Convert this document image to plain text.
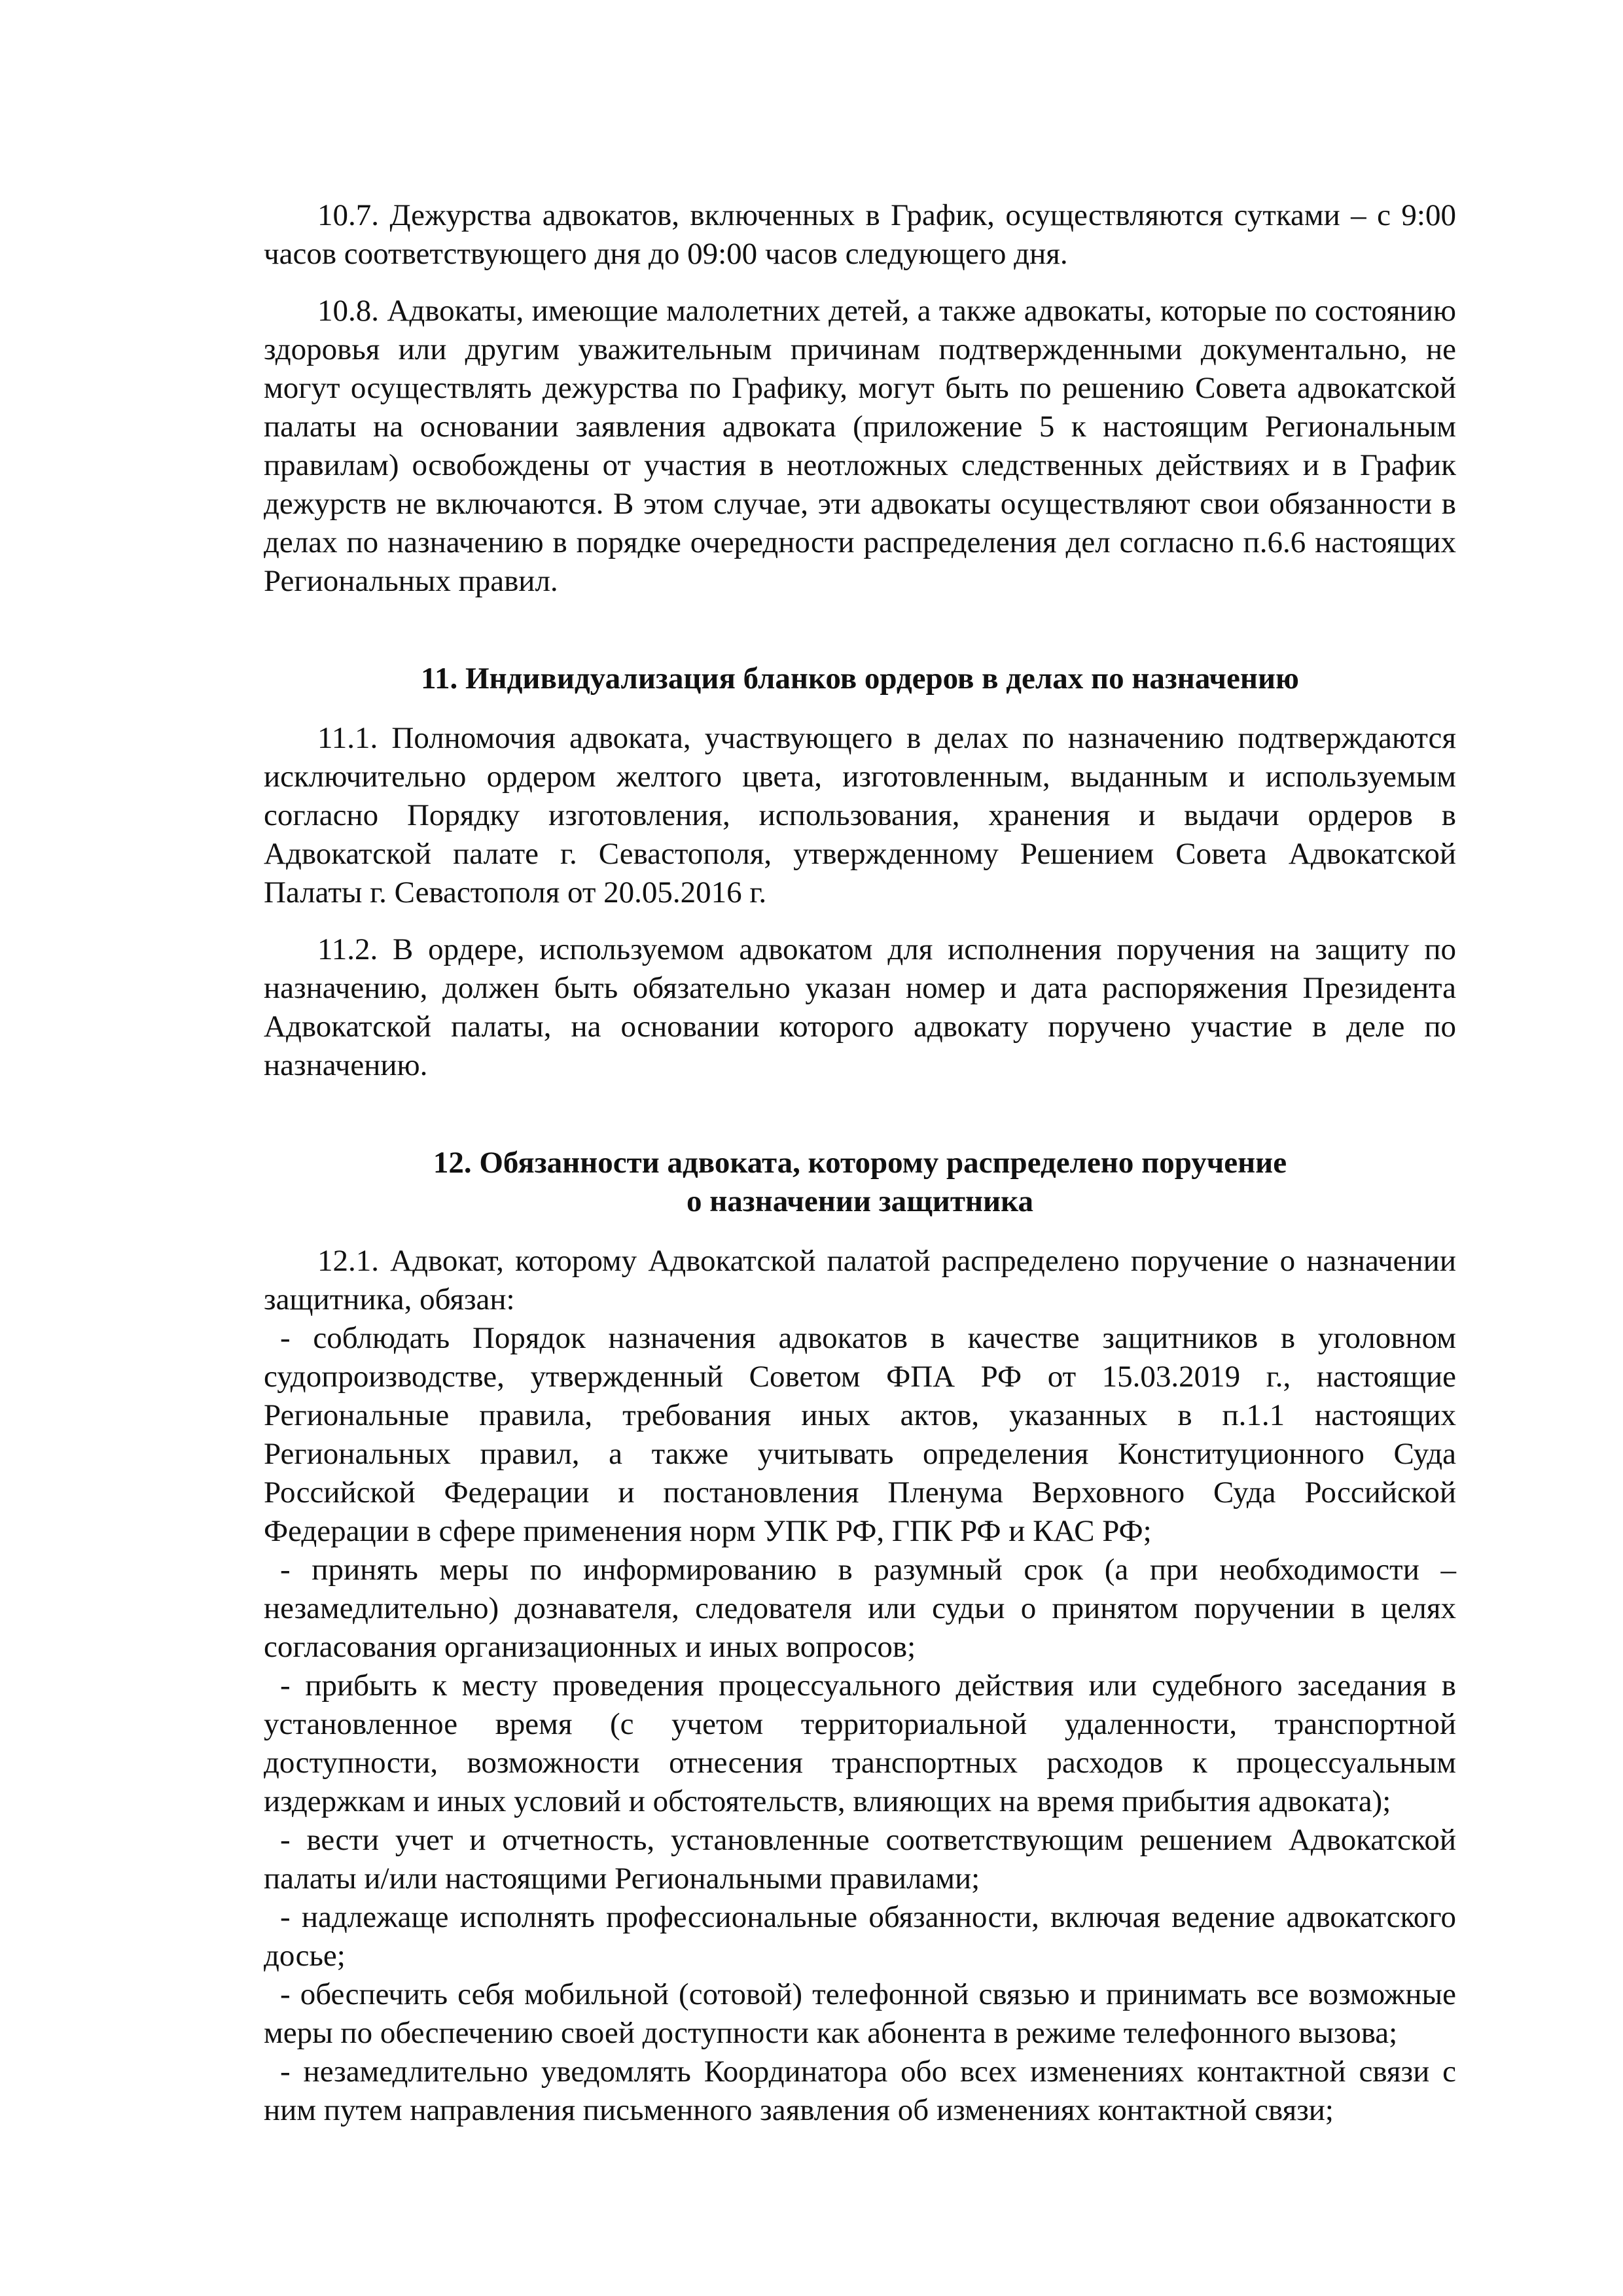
10.7. Дежурства адвокатов, включенных в График, осуществляются сутками – с 9:00 часов соответствующего дня до 09:00 часов следующего дня.

10.8. Адвокаты, имеющие малолетних детей, а также адвокаты, которые по состоянию здоровья или другим уважительным причинам подтвержденными документально, не могут осуществлять дежурства по Графику, могут быть по решению Совета адвокатской палаты на основании заявления адвоката (приложение 5 к настоящим Региональным правилам) освобождены от участия в неотложных следственных действиях и в График дежурств не включаются. В этом случае, эти адвокаты осуществляют свои обязанности в делах по назначению в порядке очередности распределения дел согласно п.6.6 настоящих Региональных правил.

11. Индивидуализация бланков ордеров в делах по назначению

11.1. Полномочия адвоката, участвующего в делах по назначению подтверждаются исключительно ордером желтого цвета, изготовленным, выданным и используемым согласно Порядку изготовления, использования, хранения и выдачи ордеров в Адвокатской палате г. Севастополя, утвержденному Решением Совета Адвокатской Палаты г. Севастополя от 20.05.2016 г.

11.2. В ордере, используемом адвокатом для исполнения поручения на защиту по назначению, должен быть обязательно указан номер и дата распоряжения Президента Адвокатской палаты, на основании которого адвокату поручено участие в деле по назначению.

12. Обязанности адвоката, которому распределено поручение
о назначении защитника

12.1. Адвокат, которому Адвокатской палатой распределено поручение о назначении защитника, обязан:

- соблюдать Порядок назначения адвокатов в качестве защитников в уголовном судопроизводстве, утвержденный Советом ФПА РФ от 15.03.2019 г., настоящие Региональные правила, требования иных актов, указанных в п.1.1 настоящих Региональных правил, а также учитывать определения Конституционного Суда Российской Федерации и постановления Пленума Верховного Суда Российской Федерации в сфере применения норм УПК РФ, ГПК РФ и КАС РФ;

- принять меры по информированию в разумный срок (а при необходимости – незамедлительно) дознавателя, следователя или судьи о принятом поручении в целях согласования организационных и иных вопросов;

- прибыть к месту проведения процессуального действия или судебного заседания в установленное время (с учетом территориальной удаленности, транспортной доступности, возможности отнесения транспортных расходов к процессуальным издержкам и иных условий и обстоятельств, влияющих на время прибытия адвоката);

- вести учет и отчетность, установленные соответствующим решением Адвокатской палаты и/или настоящими Региональными правилами;

- надлежаще исполнять профессиональные обязанности, включая ведение адвокатского досье;

- обеспечить себя мобильной (сотовой) телефонной связью и принимать все возможные меры по обеспечению своей доступности как абонента в режиме телефонного вызова;

- незамедлительно уведомлять Координатора обо всех изменениях контактной связи с ним путем направления письменного заявления об изменениях контактной связи;
